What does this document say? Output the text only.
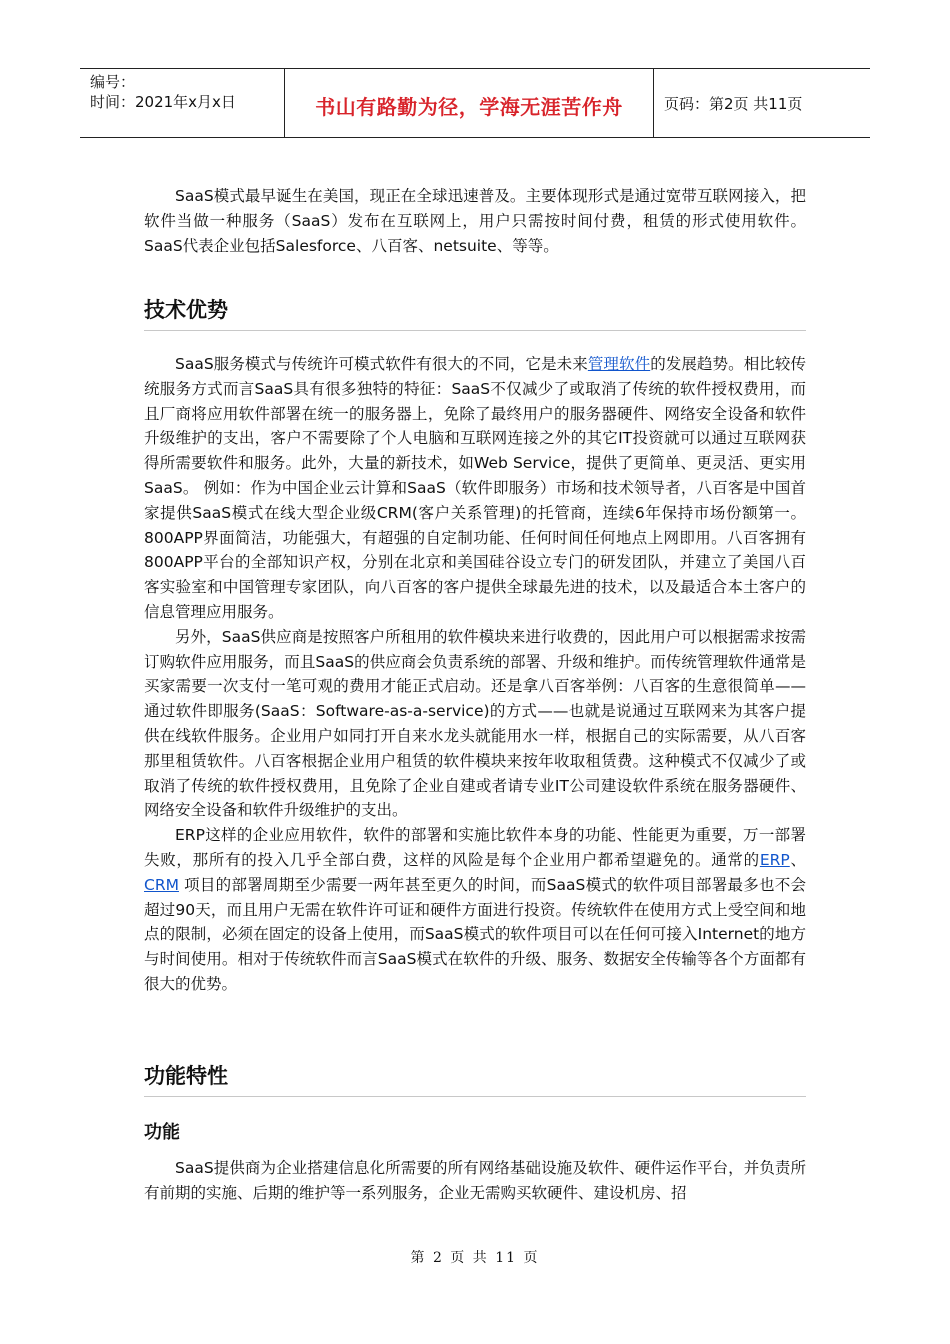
编号：
时间：2021年x月x日	书山有路勤为径，学海无涯苦作舟	页码：第2页 共11页

SaaS模式最早诞生在美国，现正在全球迅速普及。主要体现形式是通过宽带互联网接入，把软件当做一种服务（SaaS）发布在互联网上，用户只需按时间付费，租赁的形式使用软件。SaaS代表企业包括Salesforce、八百客、netsuite、等等。

技术优势

SaaS服务模式与传统许可模式软件有很大的不同，它是未来管理软件的发展趋势。相比较传统服务方式而言SaaS具有很多独特的特征：SaaS不仅减少了或取消了传统的软件授权费用，而且厂商将应用软件部署在统一的服务器上，免除了最终用户的服务器硬件、网络安全设备和软件升级维护的支出，客户不需要除了个人电脑和互联网连接之外的其它IT投资就可以通过互联网获得所需要软件和服务。此外，大量的新技术，如Web Service，提供了更简单、更灵活、更实用SaaS。 例如：作为中国企业云计算和SaaS（软件即服务）市场和技术领导者，八百客是中国首家提供SaaS模式在线大型企业级CRM(客户关系管理)的托管商，连续6年保持市场份额第一。800APP界面简洁，功能强大，有超强的自定制功能、任何时间任何地点上网即用。八百客拥有800APP平台的全部知识产权，分别在北京和美国硅谷设立专门的研发团队，并建立了美国八百客实验室和中国管理专家团队，向八百客的客户提供全球最先进的技术，以及最适合本土客户的信息管理应用服务。

另外，SaaS供应商是按照客户所租用的软件模块来进行收费的，因此用户可以根据需求按需订购软件应用服务，而且SaaS的供应商会负责系统的部署、升级和维护。而传统管理软件通常是买家需要一次支付一笔可观的费用才能正式启动。还是拿八百客举例：八百客的生意很简单——通过软件即服务(SaaS：Software-as-a-service)的方式——也就是说通过互联网来为其客户提供在线软件服务。企业用户如同打开自来水龙头就能用水一样，根据自己的实际需要，从八百客那里租赁软件。八百客根据企业用户租赁的软件模块来按年收取租赁费。这种模式不仅减少了或取消了传统的软件授权费用，且免除了企业自建或者请专业IT公司建设软件系统在服务器硬件、网络安全设备和软件升级维护的支出。

ERP这样的企业应用软件，软件的部署和实施比软件本身的功能、性能更为重要，万一部署失败，那所有的投入几乎全部白费，这样的风险是每个企业用户都希望避免的。通常的ERP、CRM 项目的部署周期至少需要一两年甚至更久的时间，而SaaS模式的软件项目部署最多也不会超过90天，而且用户无需在软件许可证和硬件方面进行投资。传统软件在使用方式上受空间和地点的限制，必须在固定的设备上使用，而SaaS模式的软件项目可以在任何可接入Internet的地方与时间使用。相对于传统软件而言SaaS模式在软件的升级、服务、数据安全传输等各个方面都有很大的优势。

功能特性
功能

SaaS提供商为企业搭建信息化所需要的所有网络基础设施及软件、硬件运作平台，并负责所有前期的实施、后期的维护等一系列服务，企业无需购买软硬件、建设机房、招

第 2 页 共 11 页
